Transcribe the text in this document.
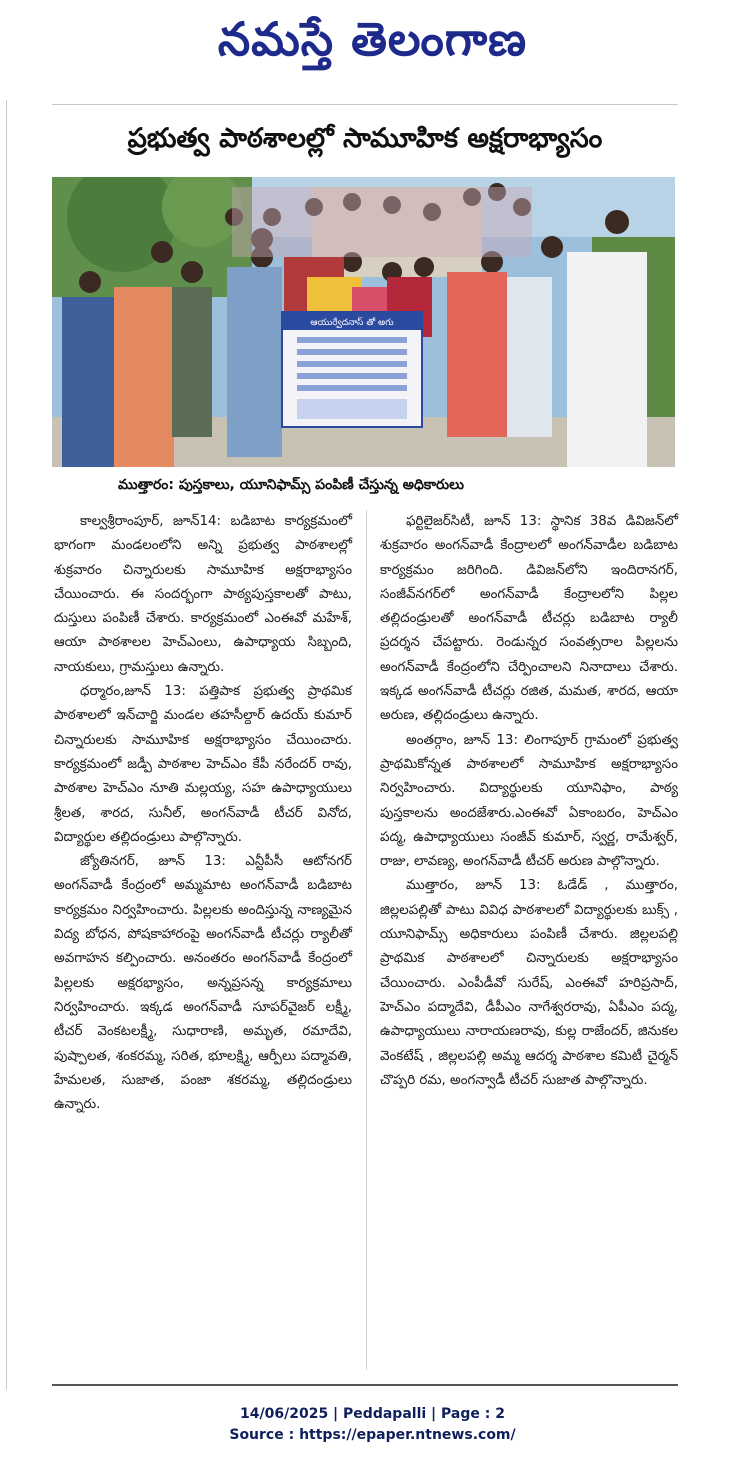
నమస్తే తెలంగాణ
ప్రభుత్వ పాఠశాలల్లో సామూహిక అక్షరాభ్యాసం
ఆయుర్వేదనాస్ తో అగు
ముత్తారం: పుస్తకాలు, యూనిఫామ్స్ పంపిణీ చేస్తున్న అధికారులు

కాల్వశ్రీరాంపూర్, జూన్14: బడిబాట కార్యక్రమంలో భాగంగా మండలంలోని అన్ని ప్రభుత్వ పాఠశాలల్లో శుక్రవారం చిన్నారులకు సామూహిక అక్షరాభ్యాసం చేయించారు. ఈ సందర్భంగా పాఠ్యపుస్తకాలతో పాటు, దుస్తులు పంపిణీ చేశారు. కార్యక్రమంలో ఎంఈవో మహేశ్, ఆయా పాఠశాలల హెచ్ఎంలు, ఉపాధ్యాయ సిబ్బంది, నాయకులు, గ్రామస్తులు ఉన్నారు.

ధర్మారం,జూన్ 13: పత్తిపాక ప్రభుత్వ ప్రాథమిక పాఠశాలలో ఇన్‌చార్జి మండల తహసీల్దార్ ఉదయ్ కుమార్ చిన్నారులకు సామూహిక అక్షరాభ్యాసం చేయించారు. కార్యక్రమంలో జడ్పీ పాఠశాల హెచ్ఎం కేపీ నరేందర్ రావు, పాఠశాల హెచ్ఎం నూతి మల్లయ్య, సహ ఉపాధ్యాయులు శ్రీలత, శారద, సునీల్, అంగన్‌వాడీ టీచర్ వినోద, విద్యార్థుల తల్లిదండ్రులు పాల్గొన్నారు.

జ్యోతినగర్, జూన్ 13: ఎన్టీపీసీ ఆటోనగర్ అంగన్‌వాడీ కేంద్రంలో అమ్మమాట అంగన్‌వాడీ బడిబాట కార్యక్రమం నిర్వహించారు. పిల్లలకు అందిస్తున్న నాణ్యమైన విద్య బోధన, పోషకాహారంపై అంగన్‌వాడీ టీచర్లు ర్యాలీతో అవగాహన కల్పించారు. అనంతరం అంగన్‌వాడీ కేంద్రంలో పిల్లలకు అక్షరభ్యాసం, అన్నప్రసన్న కార్యక్రమాలు నిర్వహించారు. ఇక్కడ అంగన్‌వాడీ సూపర్‌వైజర్ లక్ష్మీ, టీచర్ వెంకటలక్ష్మీ, సుధారాణి, అమృత, రమాదేవి, పుష్పాలత, శంకరమ్మ, సరిత, భూలక్ష్మి, ఆర్పీలు పద్మావతి, హేమలత, సుజాత, పంజా శకరమ్మ, తల్లిదండ్రులు ఉన్నారు.

ఫర్టిలైజర్‌సిటీ, జూన్ 13: స్థానిక 38వ డివిజన్‌లో శుక్రవారం అంగన్‌వాడీ కేంద్రాలలో అంగన్‌వాడీల బడిబాట కార్యక్రమం జరిగింది. డివిజన్‌లోని ఇందిరానగర్, సంజీవ్‌నగర్‌లో అంగన్‌వాడీ కేంద్రాలలోని పిల్లల తల్లిదండ్రులతో అంగన్‌వాడీ టీచర్లు బడిబాట ర్యాలీ ప్రదర్శన చేపట్టారు. రెండున్నర సంవత్సరాల పిల్లలను అంగన్‌వాడీ కేంద్రంలోని చేర్పించాలని నినాదాలు చేశారు. ఇక్కడ అంగన్‌వాడీ టీచర్లు రజిత, మమత, శారద, ఆయా అరుణ, తల్లిదండ్రులు ఉన్నారు.

అంతర్గాం, జూన్ 13: లింగాపూర్ గ్రామంలో ప్రభుత్వ ప్రాథమికోన్నత పాఠశాలలో సామూహిక అక్షరాభ్యాసం నిర్వహించారు. విద్యార్థులకు యూనిఫాం, పాఠ్య పుస్తకాలను అందజేశారు.ఎంఈవో ఏకాంబరం, హెచ్ఎం పద్మ, ఉపాధ్యాయులు సంజీవ్ కుమార్, స్వర్ణ, రామేశ్వర్, రాజు, లావణ్య, అంగన్‌వాడీ టీచర్ అరుణ పాల్గొన్నారు.

ముత్తారం, జూన్ 13: ఓడేడ్ , ముత్తారం, జిల్లలపల్లితో పాటు వివిధ పాఠశాలలో విద్యార్థులకు బుక్స్ , యూనిఫామ్స్ అధికారులు పంపిణీ చేశారు. జిల్లలపల్లి ప్రాథమిక పాఠశాలలో చిన్నారులకు అక్షరాభ్యాసం చేయించారు. ఎంపీడీవో సురేష్, ఎంఈవో హరిప్రసాద్, హెచ్ఎం పద్మాదేవి, డీపీఎం నాగేశ్వరరావు, ఏపీఎం పద్మ, ఉపాధ్యాయులు నారాయణరావు, కుల్ల రాజేందర్, జినుకల వెంకటేష్ , జిల్లలపల్లి అమ్మ ఆదర్శ పాఠశాల కమిటీ చైర్మన్ చొప్పరి రమ, అంగన్వాడీ టీచర్ సుజాత పాల్గొన్నారు.

14/06/2025 | Peddapalli | Page : 2
Source : https://epaper.ntnews.com/
